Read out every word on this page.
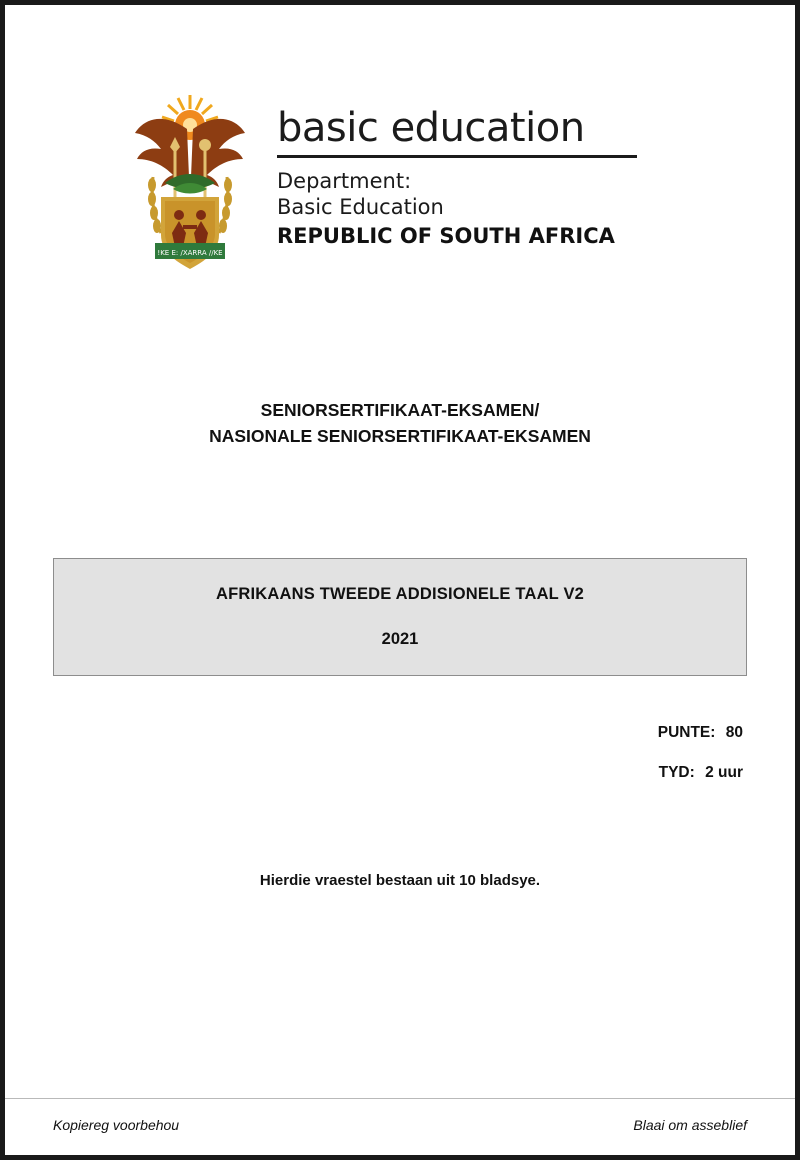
!KE E: /XARRA //KE
basic education
Department:
Basic Education
REPUBLIC OF SOUTH AFRICA
SENIORSERTIFIKAAT-EKSAMEN/
NASIONALE SENIORSERTIFIKAAT-EKSAMEN
AFRIKAANS TWEEDE ADDISIONELE TAAL V2
2021
PUNTE: 80
TYD: 2 uur
Hierdie vraestel bestaan uit 10 bladsye.
Kopiereg voorbehou	Blaai om asseblief
